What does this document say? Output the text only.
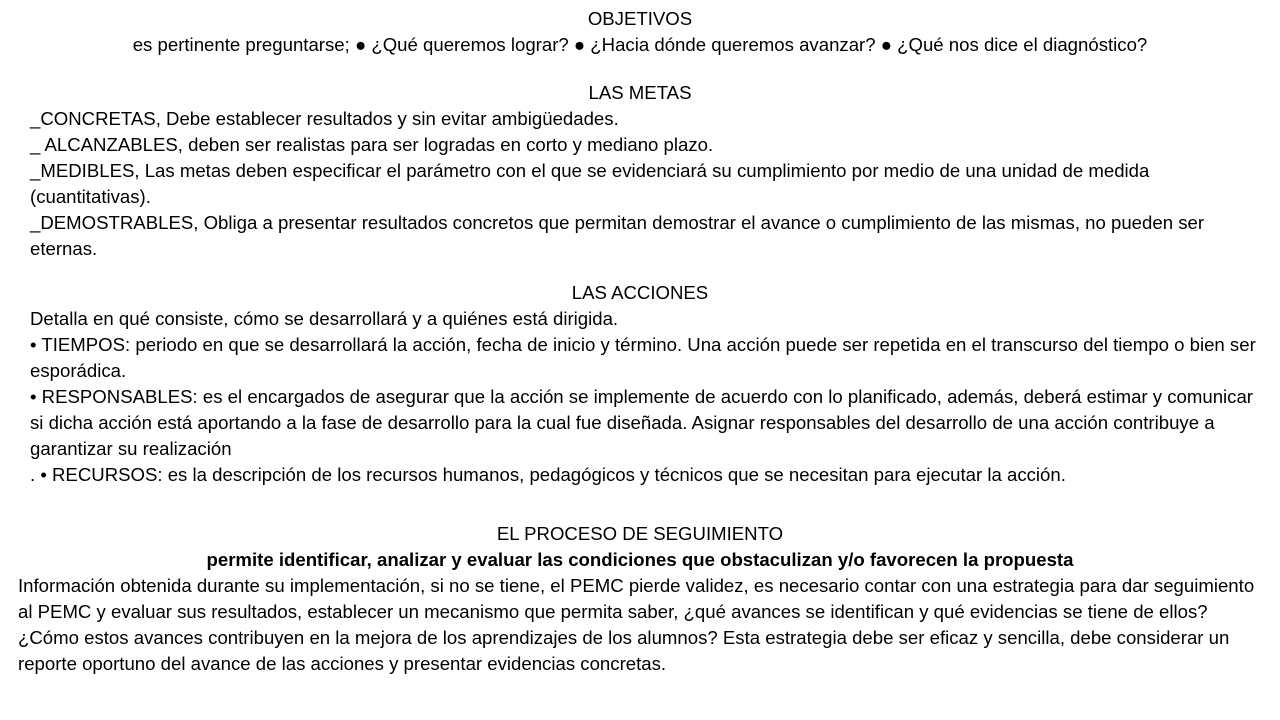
OBJETIVOS
es pertinente preguntarse; ● ¿Qué queremos lograr? ● ¿Hacia dónde queremos avanzar? ● ¿Qué nos dice el diagnóstico?
LAS METAS
_CONCRETAS, Debe establecer resultados y sin evitar ambigüedades.
_ ALCANZABLES, deben ser realistas para ser logradas en corto y mediano plazo.
_MEDIBLES, Las metas deben especificar el parámetro con el que se evidenciará su cumplimiento por medio de una unidad de medida (cuantitativas).
_DEMOSTRABLES, Obliga a presentar resultados concretos que permitan demostrar el avance o cumplimiento de las mismas, no pueden ser eternas.
LAS ACCIONES
Detalla en qué consiste, cómo se desarrollará y a quiénes está dirigida.
• TIEMPOS: periodo en que se desarrollará la acción, fecha de inicio y término. Una acción puede ser repetida en el transcurso del tiempo o bien ser esporádica.
• RESPONSABLES: es el encargados de asegurar que la acción se implemente de acuerdo con lo planificado, además, deberá estimar y comunicar si dicha acción está aportando a la fase de desarrollo para la cual fue diseñada. Asignar responsables del desarrollo de una acción contribuye a garantizar su realización
. • RECURSOS: es la descripción de los recursos humanos, pedagógicos y técnicos que se necesitan para ejecutar la acción.
EL PROCESO DE SEGUIMIENTO
permite identificar, analizar y evaluar las condiciones que obstaculizan y/o favorecen la propuesta
Información obtenida durante su implementación, si no se tiene, el PEMC pierde validez, es necesario contar con una estrategia para dar seguimiento al PEMC y evaluar sus resultados, establecer un mecanismo que permita saber, ¿qué avances se identifican y qué evidencias se tiene de ellos? ¿Cómo estos avances contribuyen en la mejora de los aprendizajes de los alumnos? Esta estrategia debe ser eficaz y sencilla, debe considerar un reporte oportuno del avance de las acciones y presentar evidencias concretas.
